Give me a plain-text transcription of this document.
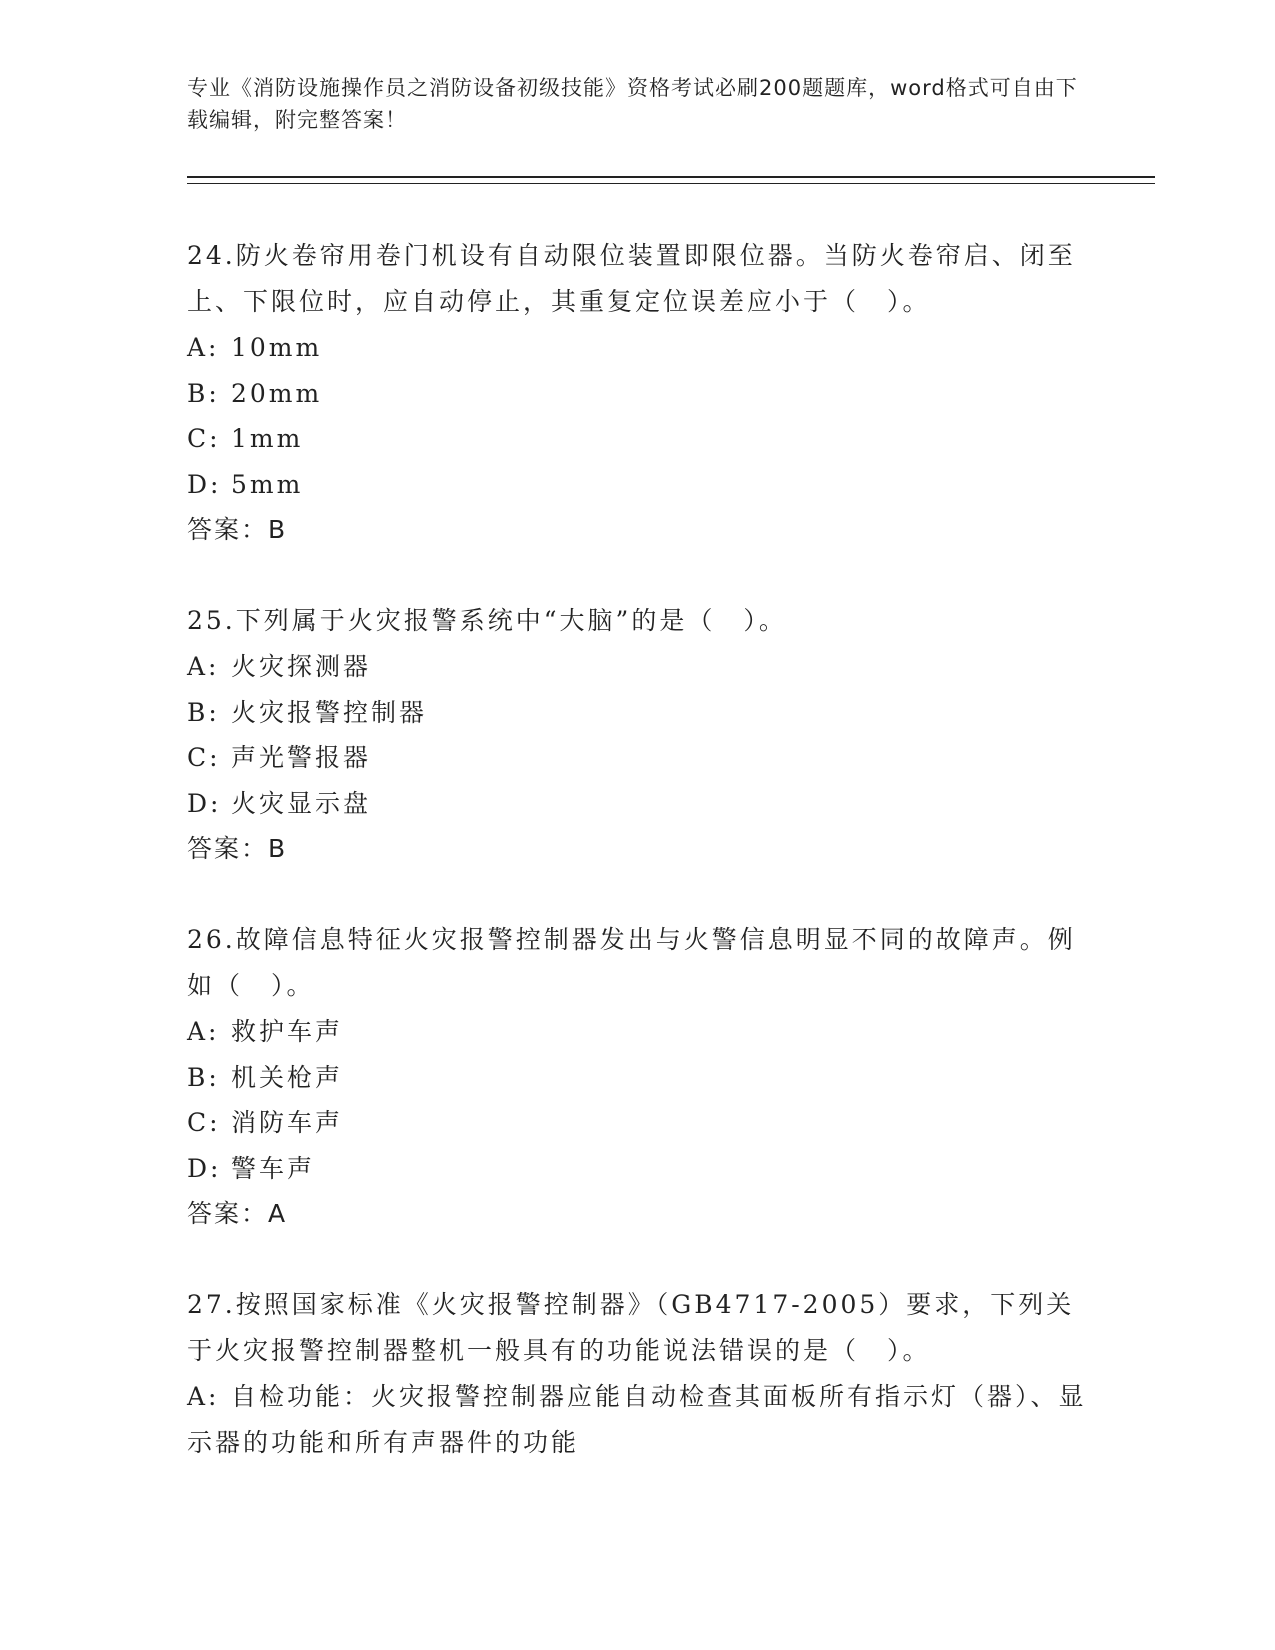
专业《消防设施操作员之消防设备初级技能》资格考试必刷200题题库，word格式可自由下载编辑，附完整答案！

24.防火卷帘用卷门机设有自动限位装置即限位器。当防火卷帘启、闭至上、下限位时，应自动停止，其重复定位误差应小于（　）。

A: 10mm

B: 20mm

C: 1mm

D: 5mm

答案：B

25.下列属于火灾报警系统中“大脑”的是（　）。

A: 火灾探测器

B: 火灾报警控制器

C: 声光警报器

D: 火灾显示盘

答案：B

26.故障信息特征火灾报警控制器发出与火警信息明显不同的故障声。例如（　）。

A: 救护车声

B: 机关枪声

C: 消防车声

D: 警车声

答案：A

27.按照国家标准《火灾报警控制器》（GB4717-2005）要求，下列关于火灾报警控制器整机一般具有的功能说法错误的是（　）。

A: 自检功能：火灾报警控制器应能自动检查其面板所有指示灯（器）、显示器的功能和所有声器件的功能
